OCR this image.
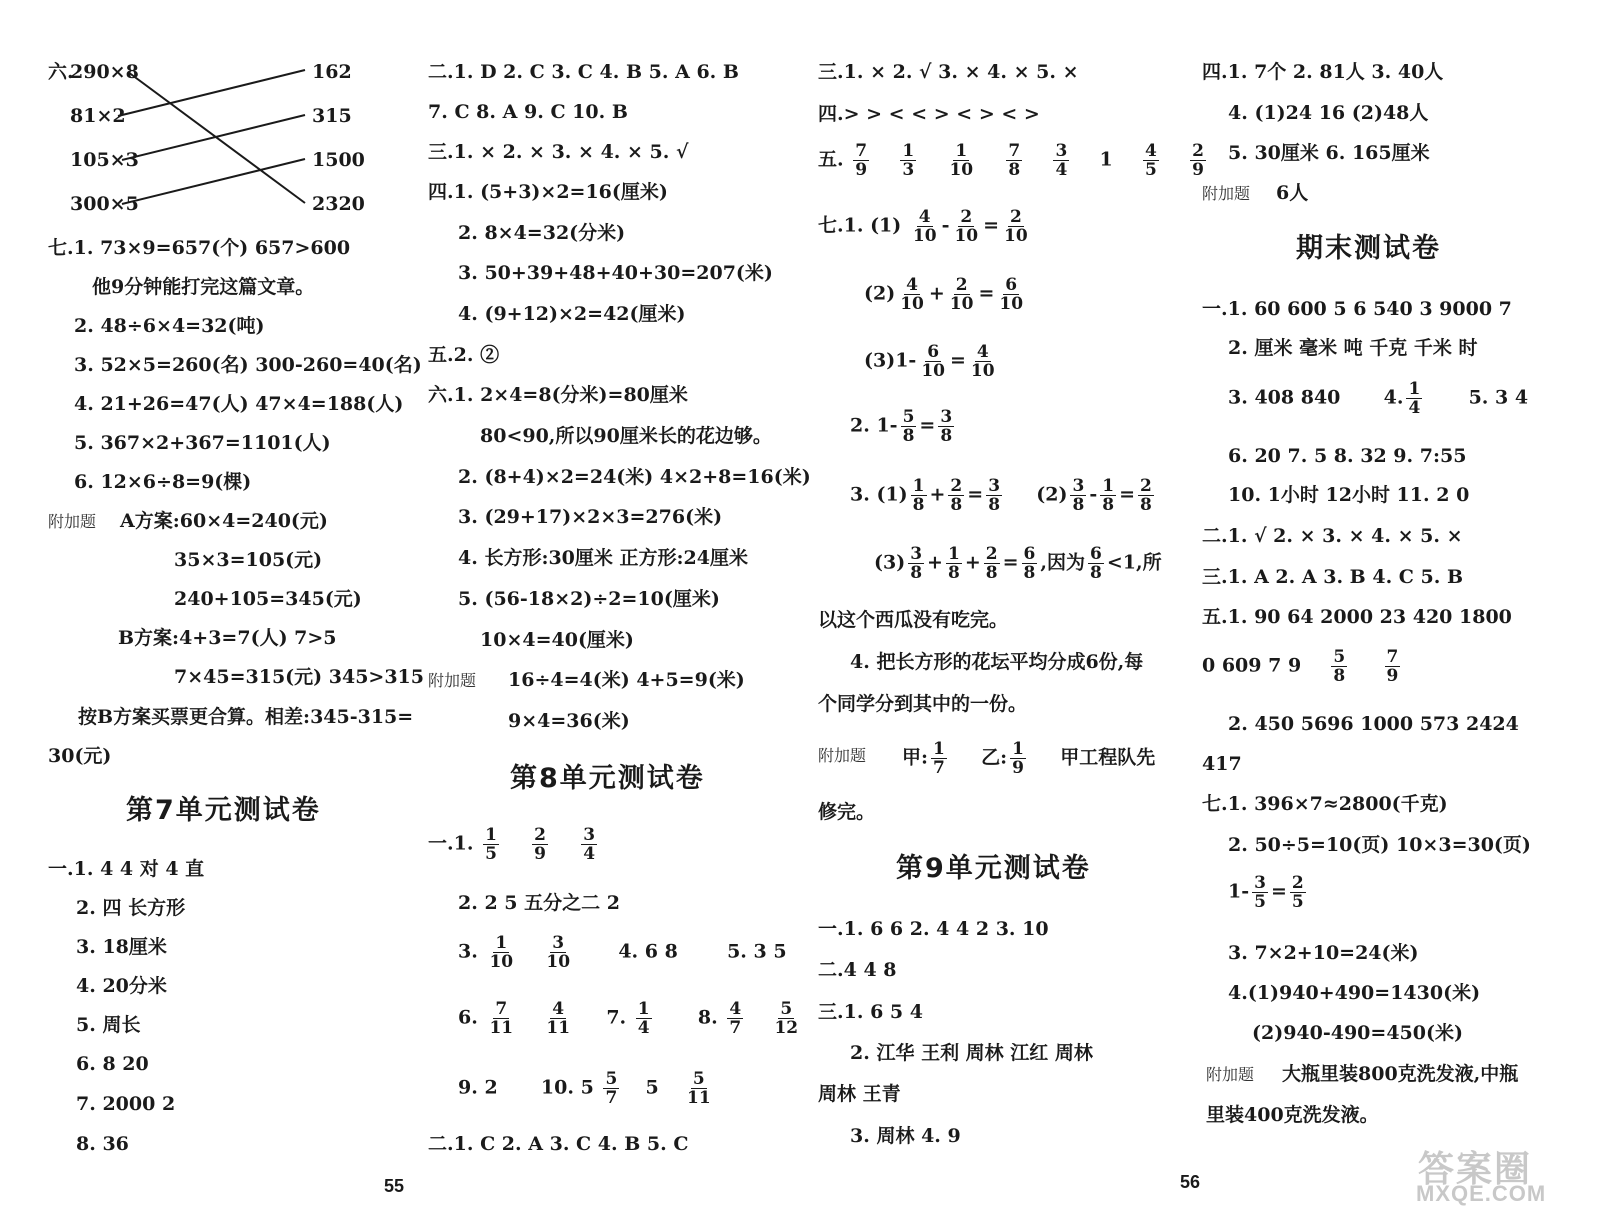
六.
290×8
81×2
105×3
300×5
162
315
1500
2320
七.1. 73×9=657(个) 657>600
他9分钟能打完这篇文章。
2. 48÷6×4=32(吨)
3. 52×5=260(名) 300-260=40(名)
4. 21+26=47(人) 47×4=188(人)
5. 367×2+367=1101(人)
6. 12×6÷8=9(棵)
附加题 A方案:60×4=240(元)
35×3=105(元)
240+105=345(元)
B方案:4+3=7(人) 7>5
7×45=315(元) 345>315
按B方案买票更合算。相差:345-315=
30(元)
第7单元测试卷
一.1. 4 4 对 4 直
2. 四 长方形
3. 18厘米
4. 20分米
5. 周长
6. 8 20
7. 2000 2
8. 36
55
二.1. D 2. C 3. C 4. B 5. A 6. B
7. C 8. A 9. C 10. B
三.1. × 2. × 3. × 4. × 5. √
四.1. (5+3)×2=16(厘米)
2. 8×4=32(分米)
3. 50+39+48+40+30=207(米)
4. (9+12)×2=42(厘米)
五.2. ②
六.1. 2×4=8(分米)=80厘米
80<90,所以90厘米长的花边够。
2. (8+4)×2=24(米) 4×2+8=16(米)
3. (29+17)×2×3=276(米)
4. 长方形:30厘米 正方形:24厘米
5. (56-18×2)÷2=10(厘米)
10×4=40(厘米)
附加题 16÷4=4(米) 4+5=9(米)
9×4=36(米)
第8单元测试卷
一.1. $\frac{1}{5}$
$\frac{2}{9}$
$\frac{3}{4}$
2. 2 5 五分之二 2
3. $\frac{1}{10}$
$\frac{3}{10} 4$. 6 8	5. 3 5
6. $\frac{7}{11}$
$\frac{4}{11} 7$. $\frac{1}{4} 8$. $\frac{4}{7}$
$\frac{5}{12}$
9. 2 10. $5 \frac{5}{7} 5 \frac{5}{11}$
二.1. C 2. A 3. C 4. B 5. C
三.1. × 2. √ 3. × 4. × 5. ×
四.> > < < > < > < >
五. $\frac{7}{9}$
$\frac{1}{3}$
$\frac{1}{10}$
$\frac{7}{8}$
$\frac{3}{4} 1 \frac{4}{5}$
$\frac{2}{9}$
七.1. $(1) \frac{4}{10} - \frac{2}{10} = \frac{2}{10}$
$(2) \frac{4}{10} + \frac{2}{10} = \frac{6}{10}$
$(3)1- \frac{6}{10} = \frac{4}{10}$
2. $1- \frac{5}{8} = \frac{3}{8}$
3. $(1) \frac{1}{8} + \frac{2}{8} = \frac{3}{8} (2) \frac{3}{8} - \frac{1}{8} = \frac{2}{8}$
$(3) \frac{3}{8} + \frac{1}{8} + \frac{2}{8} = \frac{6}{8}$ ,因为 $\frac{6}{8} <1$,所
以这个西瓜没有吃完。
4. 把长方形的花坛平均分成6份,每
个同学分到其中的一份。
附加题 甲: $\frac{1}{7}$ 乙: $\frac{1}{9}$ 甲工程队先
修完。
第9单元测试卷
一.1. 6 6 2. 4 4 2 3. 10
二.4 4 8
三.1. 6 5 4
2. 江华 王利 周林 江红 周林
周林 王青
3. 周林 4. 9
四.1. 7个 2. 81人 3. 40人
4. (1)24 16 (2)48人
5. 30厘米 6. 165厘米
附加题 6人
期末测试卷
一.1. 60 600 5 6 540 3 9000 7
2. 厘米 毫米 吨 千克 千米 时
3. 408 840 4. $\frac{1}{4} 5$. 3 4
6. 20 7. 5 8. 32 9. 7:55
10. 1小时 12小时 11. 2 0
二.1. √ 2. × 3. × 4. × 5. ×
三.1. A 2. A 3. B 4. C 5. B
五.1. 90 64 2000 23 420 1800
0 609 7 $9 \frac{5}{8}$
$\frac{7}{9}$
2. 450 5696 1000 573 2424
417
七.1. 396×7≈2800(千克)
2. 50÷5=10(页) 10×3=30(页)
$1- \frac{3}{5} = \frac{2}{5}$
3. 7×2+10=24(米)
4.(1)940+490=1430(米)
(2)940-490=450(米)
附加题 大瓶里装800克洗发液,中瓶
里装400克洗发液。
56	答案圈
MXQE.COM
